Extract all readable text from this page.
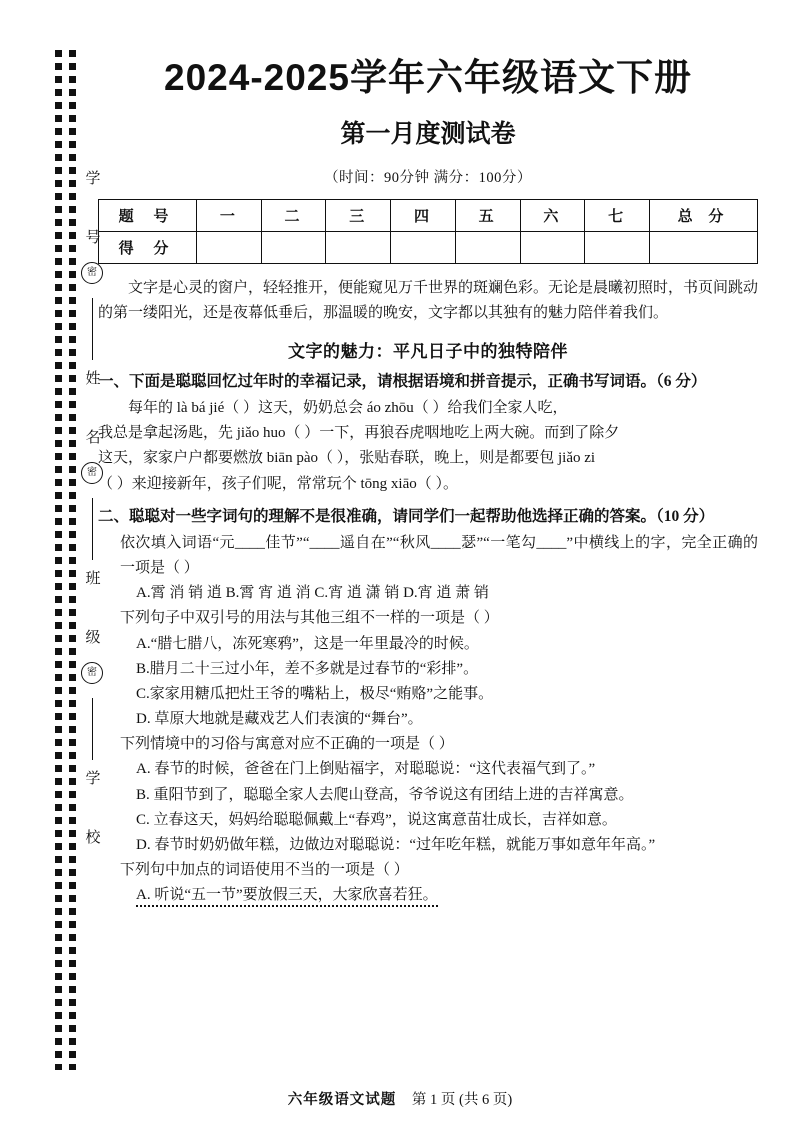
学 号
密
姓 名
密
班 级
密
学 校
2024-2025学年六年级语文下册
第一月度测试卷
（时间：90分钟 满分：100分）
题 号	一	二	三	四	五	六	七	总 分
得 分								

文字是心灵的窗户，轻轻推开，便能窥见万千世界的斑斓色彩。无论是晨曦初照时，书页间跳动的第一缕阳光，还是夜幕低垂后，那温暖的晚安，文字都以其独有的魅力陪伴着我们。

文字的魅力：平凡日子中的独特陪伴
一、下面是聪聪回忆过年时的幸福记录，请根据语境和拼音提示，正确书写词语。（6 分）

每年的 là bá jié（ ）这天，奶奶总会 áo zhōu（ ）给我们全家人吃，

我总是拿起汤匙，先 jiǎo huo（ ）一下，再狼吞虎咽地吃上两大碗。而到了除夕

这天，家家户户都要燃放 biān pào（ ），张贴春联，晚上，则是都要包 jiǎo zi

（ ）来迎接新年，孩子们呢，常常玩个 tōng xiāo（ ）。

二、聪聪对一些字词句的理解不是很准确，请同学们一起帮助他选择正确的答案。（10 分）

依次填入词语“元____佳节”“____遥自在”“秋风____瑟”“一笔勾____”中横线上的字，完全正确的一项是（ ）

A.霄 消 销 逍 B.霄 宵 逍 消 C.宵 逍 潇 销 D.宵 逍 萧 销

下列句子中双引号的用法与其他三组不一样的一项是（ ）

A.“腊七腊八，冻死寒鸦”，这是一年里最冷的时候。

B.腊月二十三过小年，差不多就是过春节的“彩排”。

C.家家用糖瓜把灶王爷的嘴粘上，极尽“贿赂”之能事。

D. 草原大地就是藏戏艺人们表演的“舞台”。

下列情境中的习俗与寓意对应不正确的一项是（ ）

A. 春节的时候，爸爸在门上倒贴福字，对聪聪说：“这代表福气到了。”

B. 重阳节到了，聪聪全家人去爬山登高，爷爷说这有团结上进的吉祥寓意。

C. 立春这天，妈妈给聪聪佩戴上“春鸡”，说这寓意苗壮成长，吉祥如意。

D. 春节时奶奶做年糕，边做边对聪聪说：“过年吃年糕，就能万事如意年年高。”

下列句中加点的词语使用不当的一项是（ ）

A. 听说“五一节”要放假三天，大家欣喜若狂。

六年级语文试题 第 1 页 (共 6 页)
